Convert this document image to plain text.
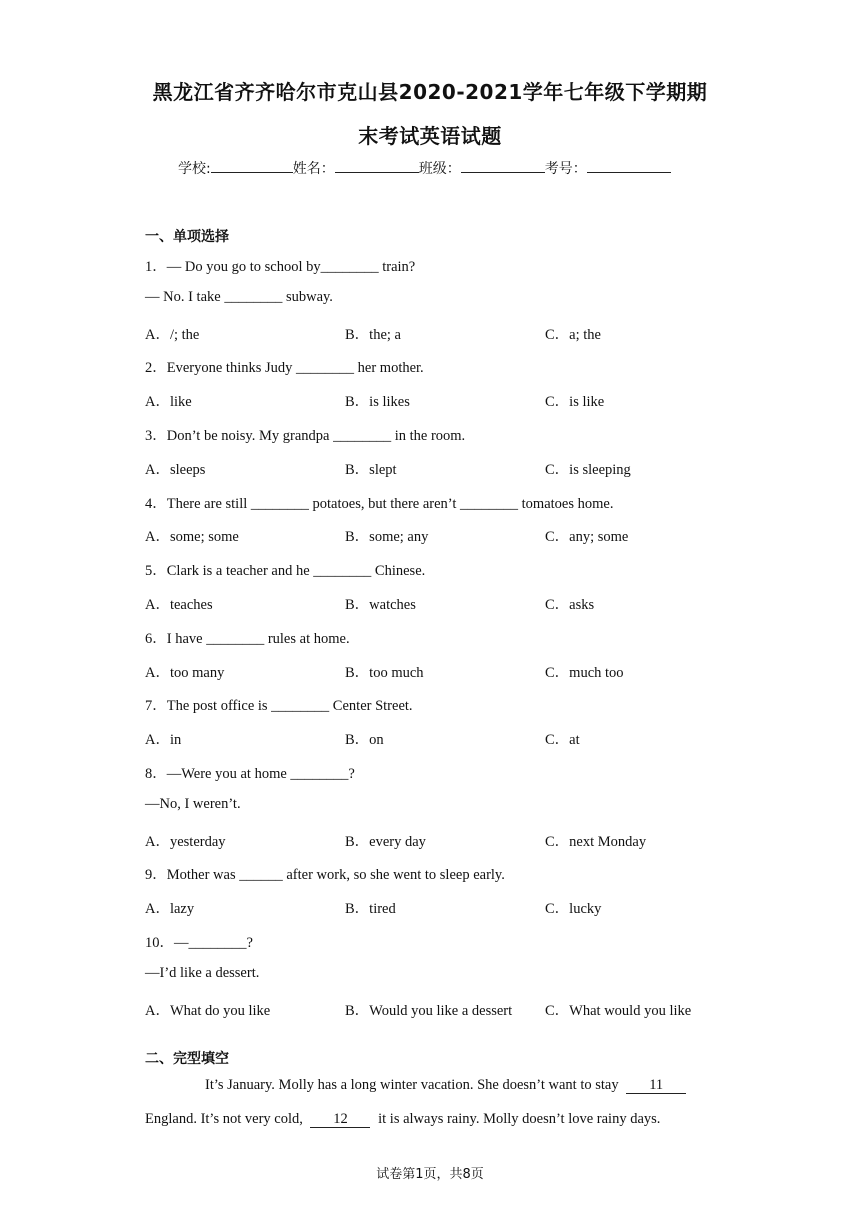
黑龙江省齐齐哈尔市克山县2020-2021学年七年级下学期期
末考试英语试题
学校:	姓名：	班级：	考号：
一、单项选择
1．— Do you go to school by________ train?
— No. I take ________ subway.
A．/; the	B．the; a	C．a; the
2．Everyone thinks Judy ________ her mother.
A．like	B．is likes	C．is like
3．Don’t be noisy. My grandpa ________ in the room.
A．sleeps	B．slept	C．is sleeping
4．There are still ________ potatoes, but there aren’t ________ tomatoes home.
A．some; some	B．some; any	C．any; some
5．Clark is a teacher and he ________ Chinese.
A．teaches	B．watches	C．asks
6．I have ________ rules at home.
A．too many	B．too much	C．much too
7．The post office is ________ Center Street.
A．in	B．on	C．at
8．—Were you at home ________?
—No, I weren’t.
A．yesterday	B．every day	C．next Monday
9．Mother was ______ after work, so she went to sleep early.
A．lazy	B．tired	C．lucky
10．—________?
—I’d like a dessert.
A．What do you like	B．Would you like a dessert C．What would you like
二、完型填空
It’s January. Molly has a long winter vacation. She doesn’t want to stay 11
England. It’s not very cold, 12 it is always rainy. Molly doesn’t love rainy days.
试卷第1页，共8页
